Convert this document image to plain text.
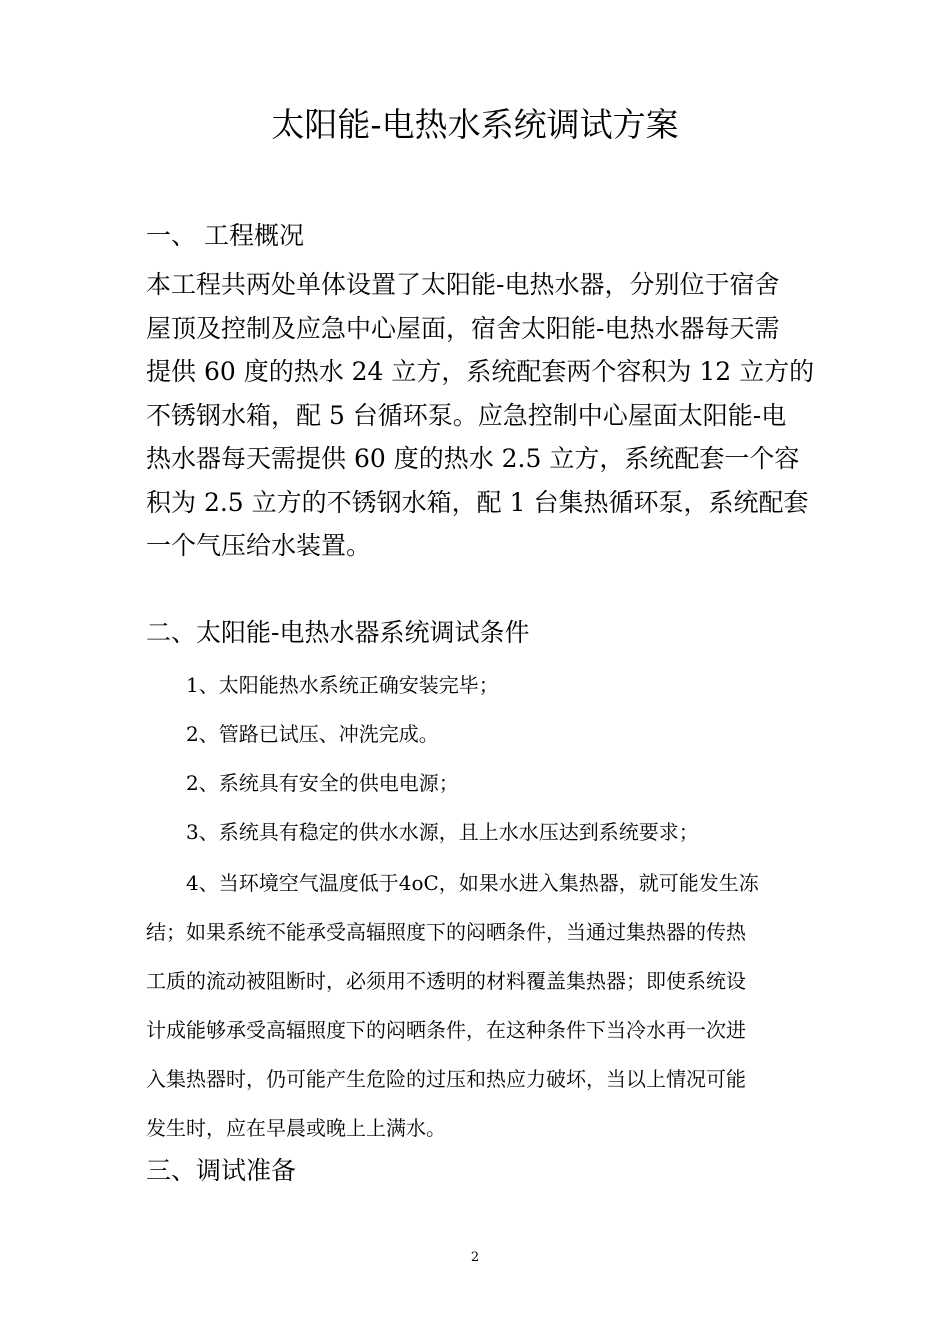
太阳能-电热水系统调试方案
一、 工程概况
本工程共两处单体设置了太阳能-电热水器，分别位于宿舍
屋顶及控制及应急中心屋面，宿舍太阳能-电热水器每天需
提供 60 度的热水 24 立方，系统配套两个容积为 12 立方的
不锈钢水箱，配 5 台循环泵。应急控制中心屋面太阳能-电
热水器每天需提供 60 度的热水 2.5 立方，系统配套一个容
积为 2.5 立方的不锈钢水箱，配 1 台集热循环泵，系统配套
一个气压给水装置。
二、太阳能-电热水器系统调试条件
1、太阳能热水系统正确安装完毕；
2、管路已试压、冲洗完成。
2、系统具有安全的供电电源；
3、系统具有稳定的供水水源，且上水水压达到系统要求；
4、当环境空气温度低于4oC，如果水进入集热器，就可能发生冻
结；如果系统不能承受高辐照度下的闷晒条件，当通过集热器的传热
工质的流动被阻断时，必须用不透明的材料覆盖集热器；即使系统设
计成能够承受高辐照度下的闷晒条件，在这种条件下当冷水再一次进
入集热器时，仍可能产生危险的过压和热应力破坏，当以上情况可能
发生时，应在早晨或晚上上满水。
三、调试准备
2
